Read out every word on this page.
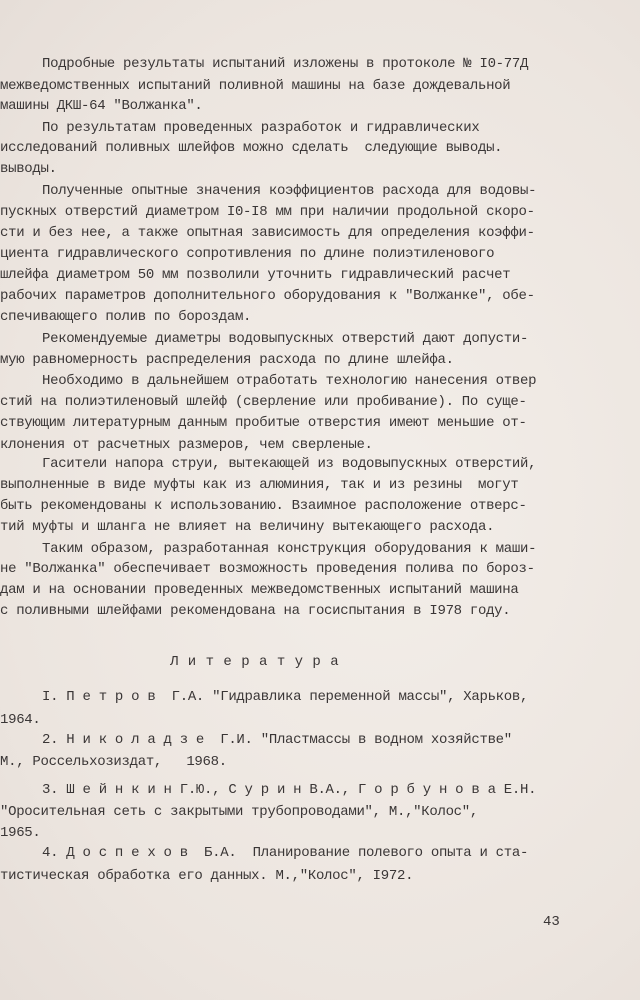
Подробные результаты испытаний изложены в протоколе № I0-77Д
межведомственных испытаний поливной машины на базе дождевальной
машины ДКШ-64 "Волжанка".
По результатам проведенных разработок и гидравлических
исследований поливных шлейфов можно сделать  следующие выводы.
выводы.
Полученные опытные значения коэффициентов расхода для водовы-
пускных отверстий диаметром I0-I8 мм при наличии продольной скоро-
сти и без нее, а также опытная зависимость для определения коэффи-
циента гидравлического сопротивления по длине полиэтиленового
шлейфа диаметром 50 мм позволили уточнить гидравлический расчет
рабочих параметров дополнительного оборудования к "Волжанке", обе-
спечивающего полив по бороздам.
Рекомендуемые диаметры водовыпускных отверстий дают допусти-
мую равномерность распределения расхода по длине шлейфа.
Необходимо в дальнейшем отработать технологию нанесения отвер
стий на полиэтиленовый шлейф (сверление или пробивание). По суще-
ствующим литературным данным пробитые отверстия имеют меньшие от-
клонения от расчетных размеров, чем сверленые.
Гасители напора струи, вытекающей из водовыпускных отверстий,
выполненные в виде муфты как из алюминия, так и из резины  могут
быть рекомендованы к использованию. Взаимное расположение отверс-
тий муфты и шланга не влияет на величину вытекающего расхода.
Таким образом, разработанная конструкция оборудования к маши-
не "Волжанка" обеспечивает возможность проведения полива по бороз-
дам и на основании проведенных межведомственных испытаний машина
с поливными шлейфами рекомендована на госиспытания в I978 году.
Л и т е р а т у р а
I. П е т р о в  Г.А. "Гидравлика переменной массы", Харьков,
1964.
2. Н и к о л а д з е  Г.И. "Пластмассы в водном хозяйстве"
М., Россельхозиздат,   1968.
3. Ш е й н к и н Г.Ю., С у р и н В.А., Г о р б у н о в а Е.Н.
"Оросительная сеть с закрытыми трубопроводами", М.,"Колос",
1965.
4. Д о с п е х о в  Б.А.  Планирование полевого опыта и ста-
тистическая обработка его данных. М.,"Колос", I972.
43
